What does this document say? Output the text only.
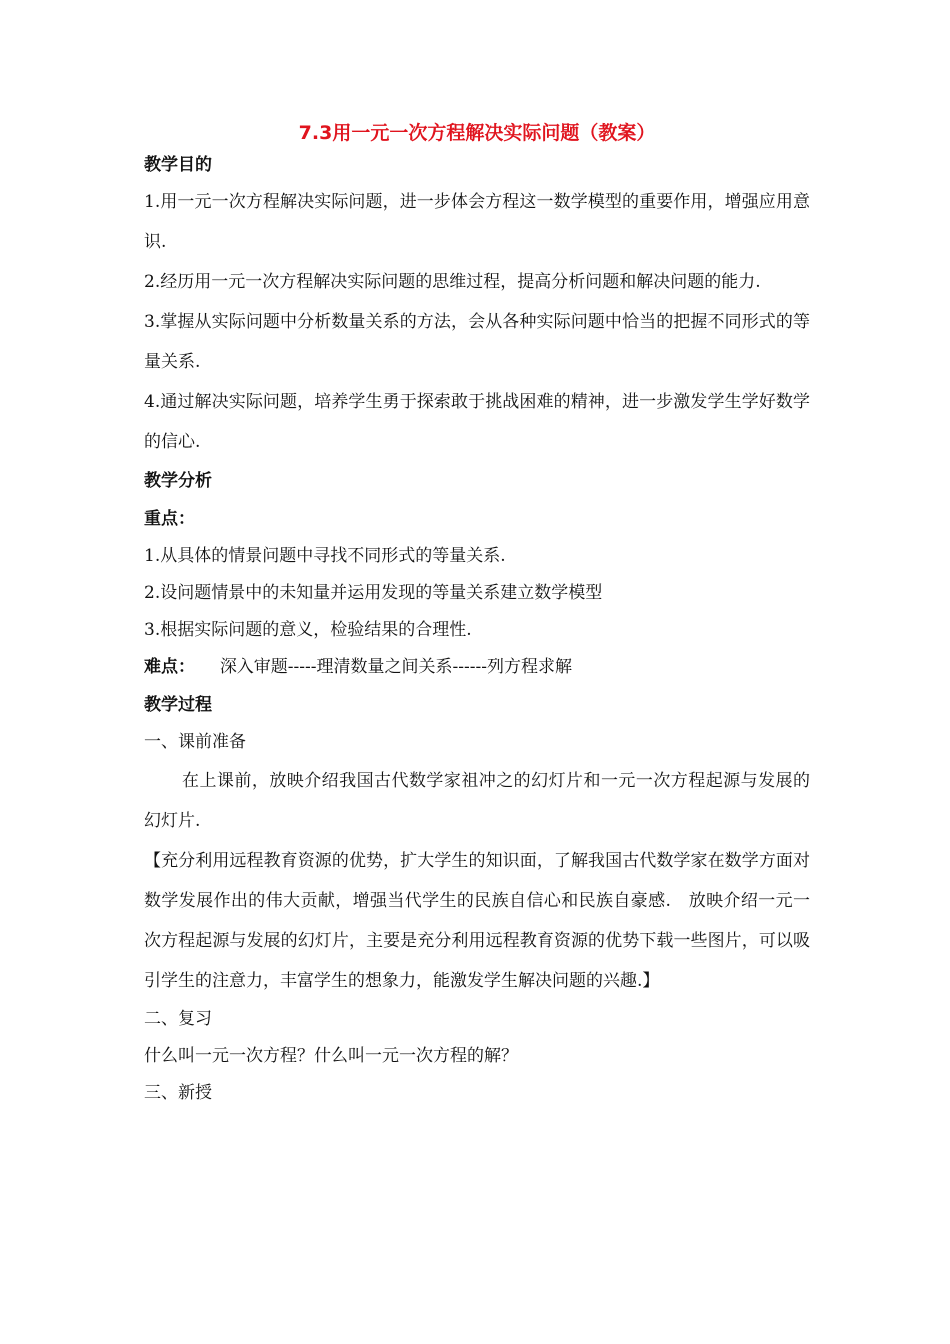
7.3用一元一次方程解决实际问题（教案）
教学目的
1.用一元一次方程解决实际问题，进一步体会方程这一数学模型的重要作用，增强应用意识.
2.经历用一元一次方程解决实际问题的思维过程，提高分析问题和解决问题的能力.
3.掌握从实际问题中分析数量关系的方法，会从各种实际问题中恰当的把握不同形式的等量关系.
4.通过解决实际问题，培养学生勇于探索敢于挑战困难的精神，进一步激发学生学好数学的信心.
教学分析
重点：
1.从具体的情景问题中寻找不同形式的等量关系.
2.设问题情景中的未知量并运用发现的等量关系建立数学模型
3.根据实际问题的意义，检验结果的合理性.
难点： 深入审题-----理清数量之间关系------列方程求解
教学过程
一、课前准备
在上课前，放映介绍我国古代数学家祖冲之的幻灯片和一元一次方程起源与发展的幻灯片.
【充分利用远程教育资源的优势，扩大学生的知识面，了解我国古代数学家在数学方面对数学发展作出的伟大贡献，增强当代学生的民族自信心和民族自豪感.　放映介绍一元一次方程起源与发展的幻灯片，主要是充分利用远程教育资源的优势下载一些图片，可以吸引学生的注意力，丰富学生的想象力，能激发学生解决问题的兴趣.】
二、复习
什么叫一元一次方程？什么叫一元一次方程的解？
三、新授
